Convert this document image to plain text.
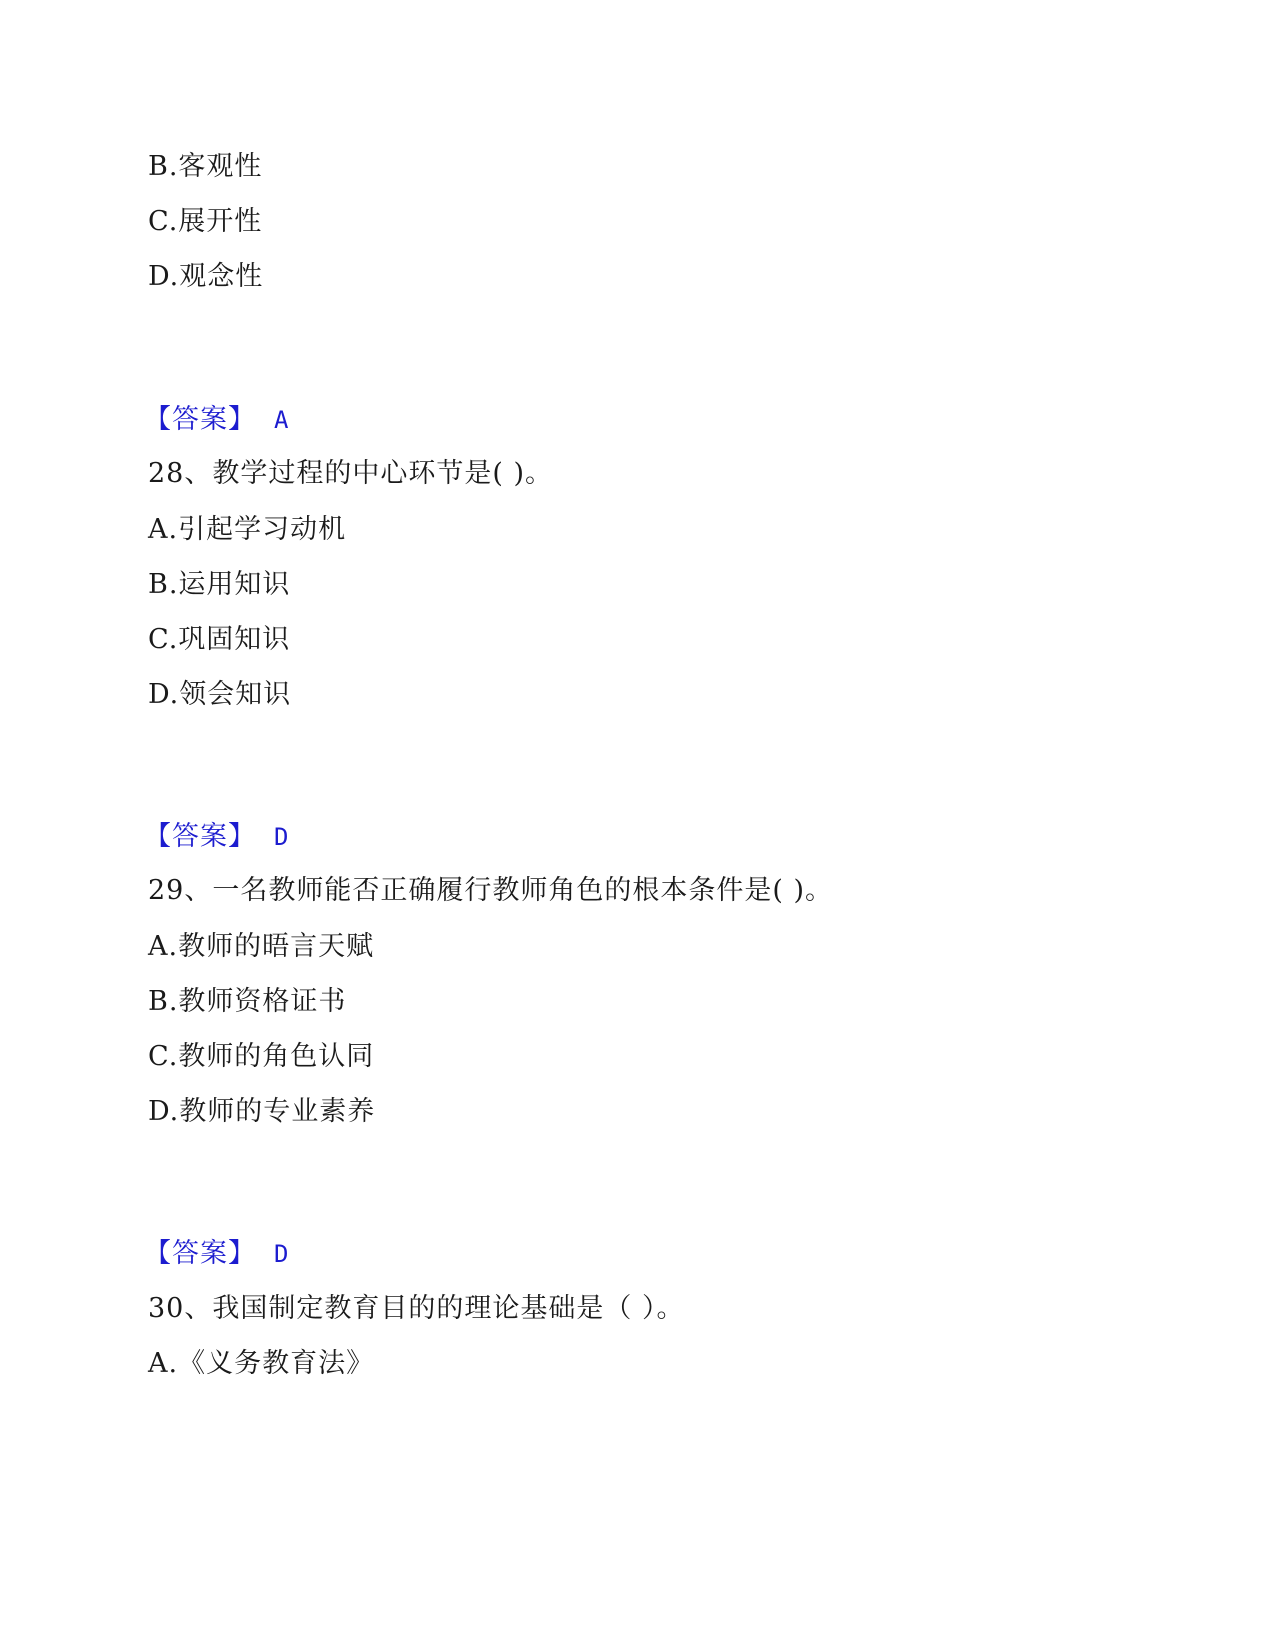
B.客观性
C.展开性
D.观念性
【答案】 A
28、教学过程的中心环节是( )。
A.引起学习动机
B.运用知识
C.巩固知识
D.领会知识
【答案】 D
29、一名教师能否正确履行教师角色的根本条件是( )。
A.教师的晤言天赋
B.教师资格证书
C.教师的角色认同
D.教师的专业素养
【答案】 D
30、我国制定教育目的的理论基础是（ ）。
A.《义务教育法》
